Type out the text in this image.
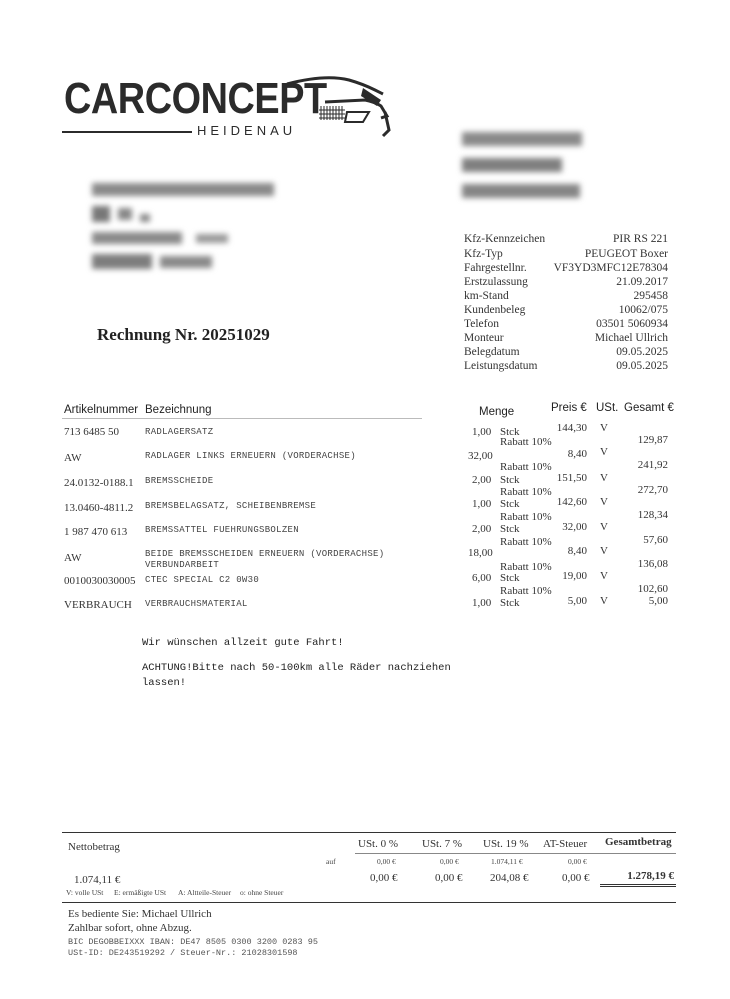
CARCONCEPT
HEIDENAU
Kfz-Kennzeichen	PIR RS 221
Kfz-Typ	PEUGEOT Boxer
Fahrgestellnr. VF3YD3MFC12E78304
Erstzulassung	21.09.2017
km-Stand	295458
Kundenbeleg	10062/075
Telefon	03501 5060934
Monteur	Michael Ullrich
Belegdatum	09.05.2025
Leistungsdatum	09.05.2025
Rechnung Nr. 20251029
Artikelnummer Bezeichnung	Menge	Preis € USt. Gesamt €
713 6485 50	RADLAGERSATZ	1,00 Stck	144,30 V
Rabatt 10%	129,87
AW	RADLAGER LINKS ERNEUERN (VORDERACHSE)	32,00	8,40 V
Rabatt 10%	241,92
24.0132-0188.1 BREMSSCHEIDE	2,00 Stck	151,50 V
Rabatt 10%	272,70
13.0460-4811.2 BREMSBELAGSATZ, SCHEIBENBREMSE	1,00 Stck	142,60 V
Rabatt 10%	128,34
1 987 470 613 BREMSSATTEL FUEHRUNGSBOLZEN	2,00 Stck	32,00 V
Rabatt 10%	57,60
AW	BEIDE BREMSSCHEIDEN ERNEUERN (VORDERACHSE)
VERBUNDARBEIT
18,00	8,40 V
Rabatt 10%	136,08
0010030030005 CTEC SPECIAL C2 0W30	6,00 Stck	19,00 V
Rabatt 10%	102,60
VERBRAUCH VERBRAUCHSMATERIAL	1,00 Stck	5,00 V	5,00
Wir wünschen allzeit gute Fahrt!
ACHTUNG!Bitte nach 50-100km alle Räder nachziehen
lassen!
Nettobetrag	USt. 0 % USt. 7 % USt. 19 % AT-Steuer Gesamtbetrag
auf	0,00 €	0,00 €	1.074,11 €	0,00 €
1.074,11 €	0,00 €	0,00 €	204,08 €	0,00 €	1.278,19 €
V: volle USt E: ermäßigte USt A: Altteile-Steuer o: ohne Steuer
Es bediente Sie: Michael Ullrich
Zahlbar sofort, ohne Abzug.
BIC DEGOBBEIXXX IBAN: DE47 8505 0300 3200 0283 95
USt-ID: DE243519292 / Steuer-Nr.: 21028301598
